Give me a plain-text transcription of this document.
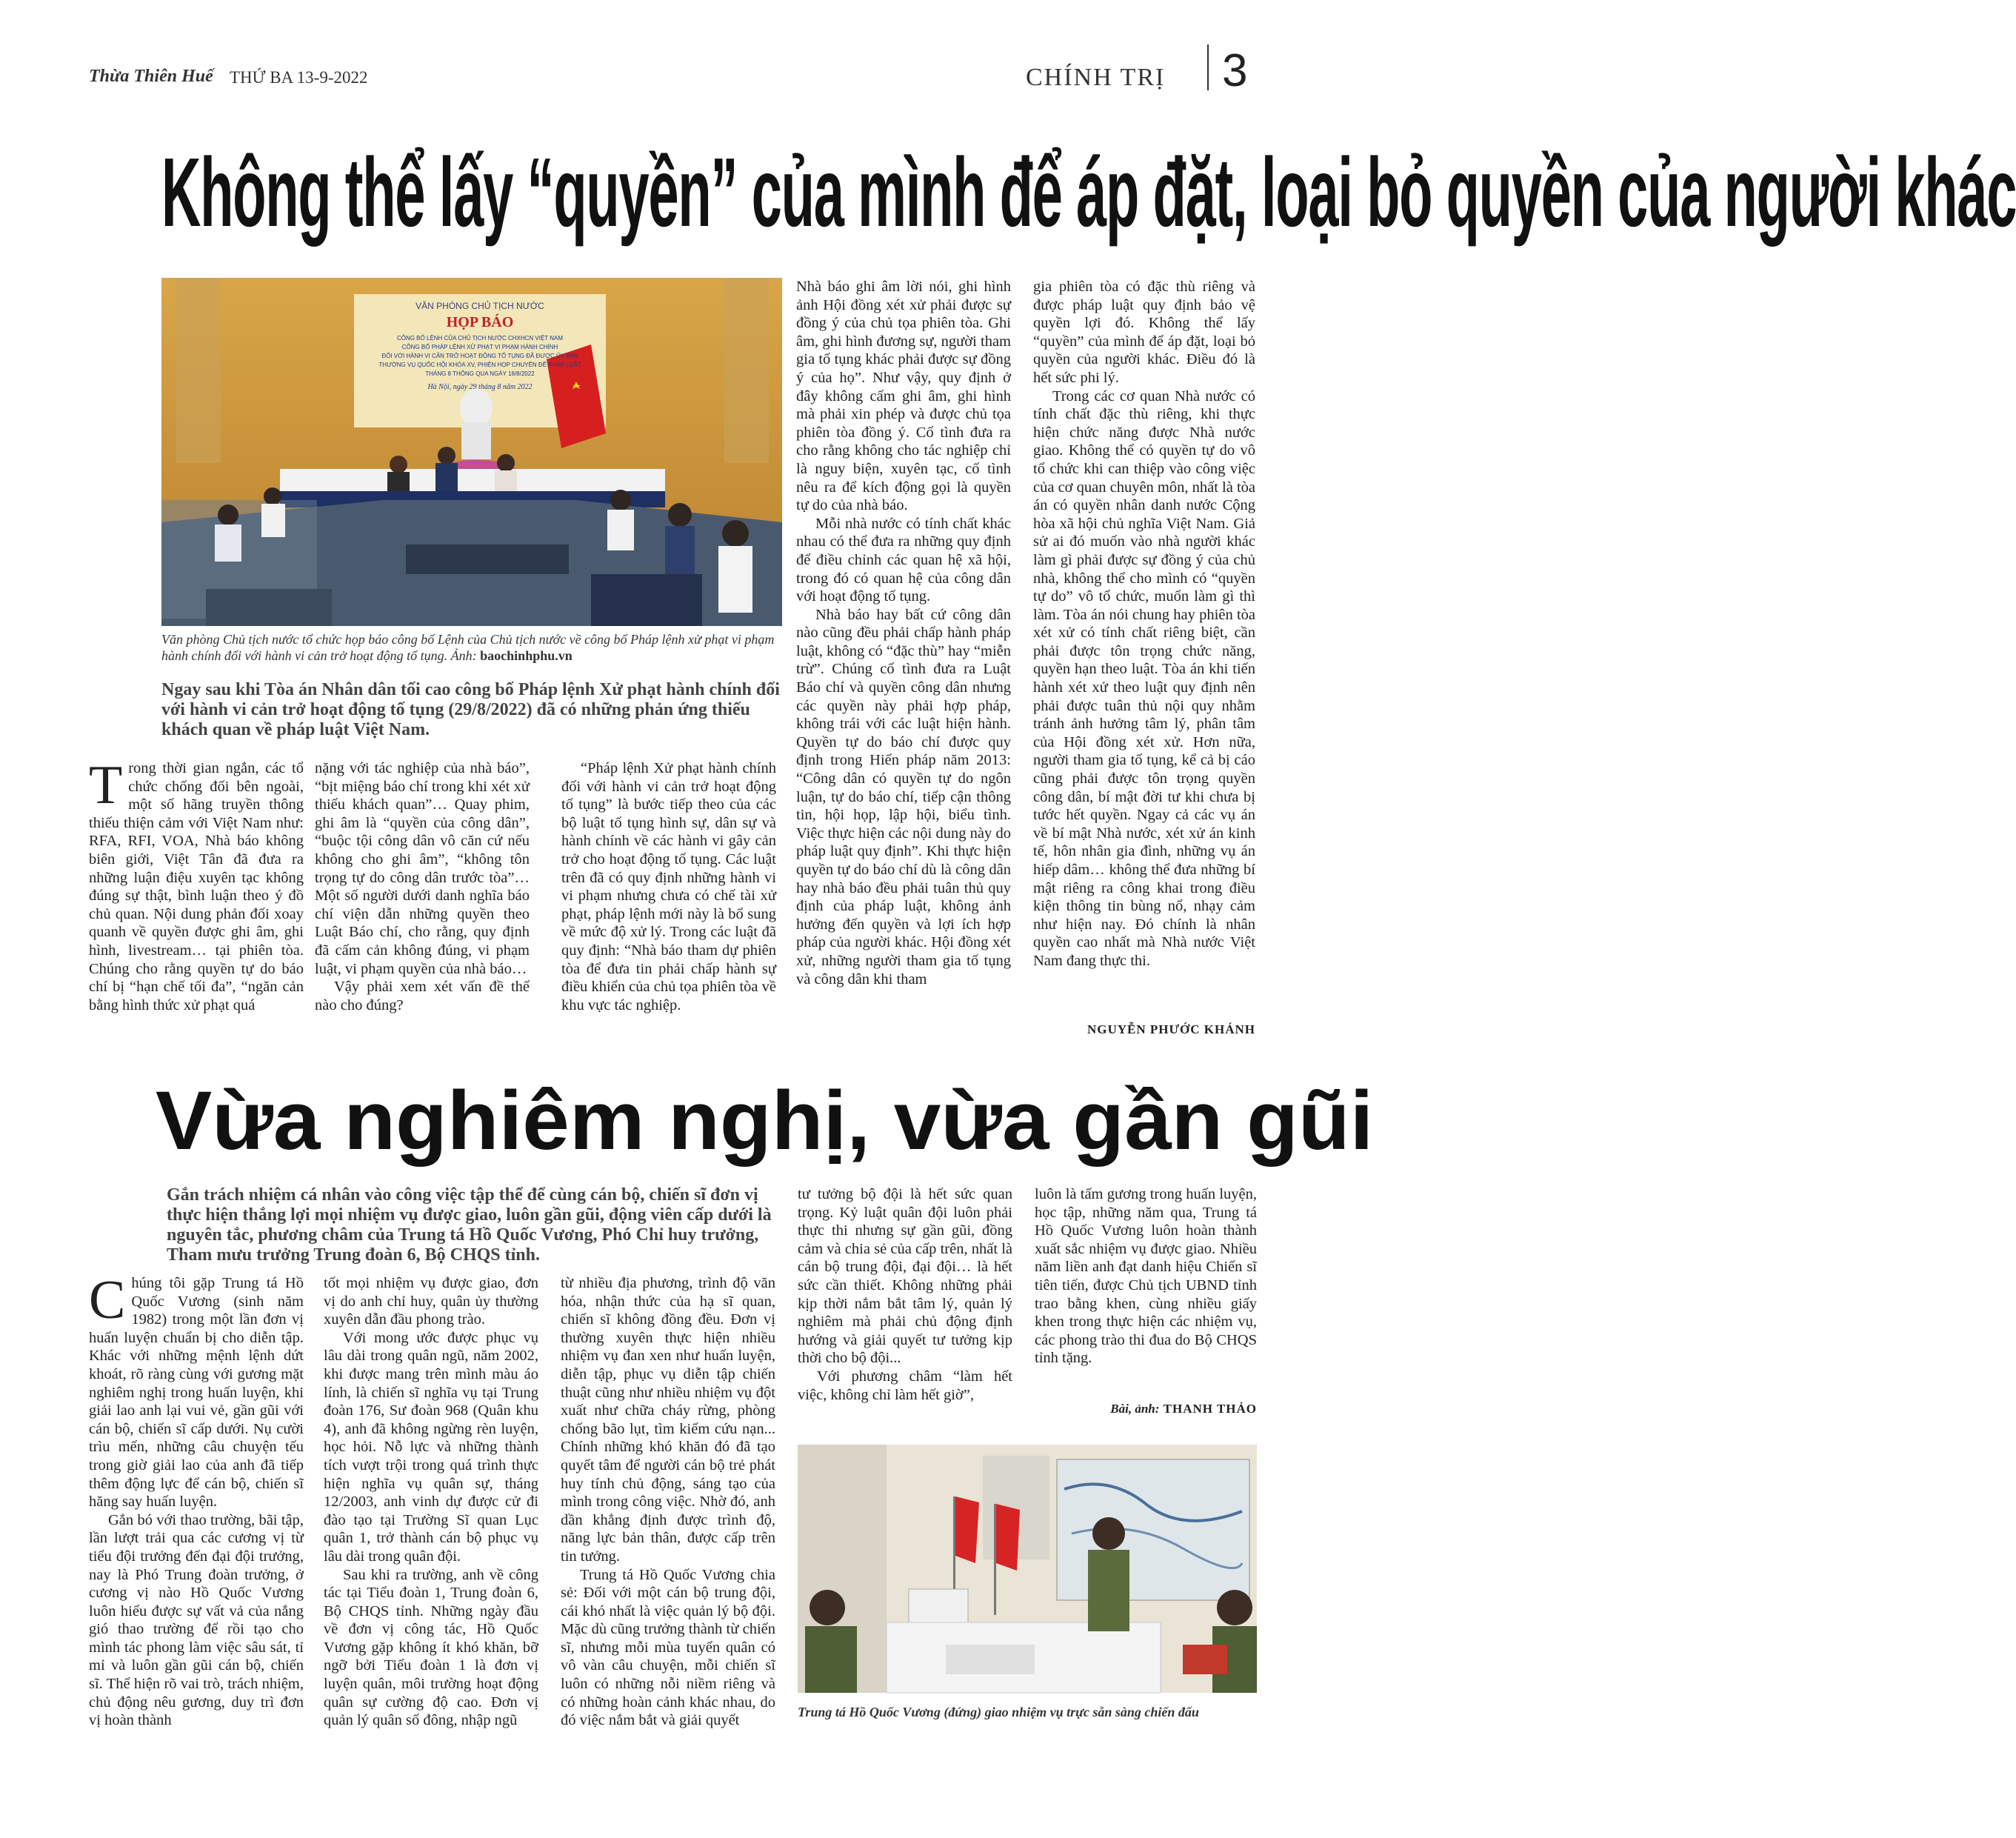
Thừa Thiên Huế THỨ BA 13-9-2022	CHÍNH TRỊ 3
Không thể lấy “quyền” của mình để áp đặt, loại bỏ quyền của người khác
VĂN PHÒNG CHỦ TỊCH NƯỚC
HỌP BÁO
CÔNG BỐ LỆNH CỦA CHỦ TỊCH NƯỚC CHXHCN VIỆT NAM
CÔNG BỐ PHÁP LỆNH XỬ PHẠT VI PHẠM HÀNH CHÍNH
ĐỐI VỚI HÀNH VI CẢN TRỞ HOẠT ĐỘNG TỐ TỤNG ĐÃ ĐƯỢC ỦY BAN
THƯỜNG VỤ QUỐC HỘI KHÓA XV, PHIÊN HỌP CHUYÊN ĐỀ PHÁP LUẬT
THÁNG 8 THÔNG QUA NGÀY 18/8/2022
Hà Nội, ngày 29 tháng 8 năm 2022
Văn phòng Chủ tịch nước tổ chức họp báo công bố Lệnh của Chủ tịch nước về công bố Pháp lệnh xử phạt vi phạm hành chính đối với hành vi cản trở hoạt động tố tụng. Ảnh: baochinhphu.vn
Ngay sau khi Tòa án Nhân dân tối cao công bố Pháp lệnh Xử phạt hành chính đối với hành vi cản trở hoạt động tố tụng (29/8/2022) đã có những phản ứng thiếu khách quan về pháp luật Việt Nam.

Trong thời gian ngắn, các tổ chức chống đối bên ngoài, một số hãng truyền thông thiếu thiện cảm với Việt Nam như: RFA, RFI, VOA, Nhà báo không biên giới, Việt Tân đã đưa ra những luận điệu xuyên tạc không đúng sự thật, bình luận theo ý đồ chủ quan. Nội dung phản đối xoay quanh về quyền được ghi âm, ghi hình, livestream… tại phiên tòa. Chúng cho rằng quyền tự do báo chí bị “hạn chế tối đa”, “ngăn cản bằng hình thức xử phạt quá

nặng với tác nghiệp của nhà báo”, “bịt miệng báo chí trong khi xét xử thiếu khách quan”… Quay phim, ghi âm là “quyền của công dân”, “buộc tội công dân vô căn cứ nếu không cho ghi âm”, “không tôn trọng tự do công dân trước tòa”… Một số người dưới danh nghĩa báo chí viện dẫn những quyền theo Luật Báo chí, cho rằng, quy định đã cấm cản không đúng, vi phạm luật, vi phạm quyền của nhà báo…

Vậy phải xem xét vấn đề thế nào cho đúng?

“Pháp lệnh Xử phạt hành chính đối với hành vi cản trở hoạt động tố tụng” là bước tiếp theo của các bộ luật tố tụng hình sự, dân sự và hành chính về các hành vi gây cản trở cho hoạt động tố tụng. Các luật trên đã có quy định những hành vi vi phạm nhưng chưa có chế tài xử phạt, pháp lệnh mới này là bổ sung về mức độ xử lý. Trong các luật đã quy định: “Nhà báo tham dự phiên tòa để đưa tin phải chấp hành sự điều khiển của chủ tọa phiên tòa về khu vực tác nghiệp.

Nhà báo ghi âm lời nói, ghi hình ảnh Hội đồng xét xử phải được sự đồng ý của chủ tọa phiên tòa. Ghi âm, ghi hình đương sự, người tham gia tố tụng khác phải được sự đồng ý của họ”. Như vậy, quy định ở đây không cấm ghi âm, ghi hình mà phải xin phép và được chủ tọa phiên tòa đồng ý. Cố tình đưa ra cho rằng không cho tác nghiệp chỉ là nguy biện, xuyên tạc, cố tình nêu ra để kích động gọi là quyền tự do của nhà báo.

Mỗi nhà nước có tính chất khác nhau có thể đưa ra những quy định để điều chỉnh các quan hệ xã hội, trong đó có quan hệ của công dân với hoạt động tố tụng.

Nhà báo hay bất cứ công dân nào cũng đều phải chấp hành pháp luật, không có “đặc thù” hay “miễn trừ”. Chúng cố tình đưa ra Luật Báo chí và quyền công dân nhưng các quyền này phải hợp pháp, không trái với các luật hiện hành. Quyền tự do báo chí được quy định trong Hiến pháp năm 2013: “Công dân có quyền tự do ngôn luận, tự do báo chí, tiếp cận thông tin, hội họp, lập hội, biểu tình. Việc thực hiện các nội dung này do pháp luật quy định”. Khi thực hiện quyền tự do báo chí dù là công dân hay nhà báo đều phải tuân thủ quy định của pháp luật, không ảnh hưởng đến quyền và lợi ích hợp pháp của người khác. Hội đồng xét xử, những người tham gia tố tụng và công dân khi tham

gia phiên tòa có đặc thù riêng và được pháp luật quy định bảo vệ quyền lợi đó. Không thể lấy “quyền” của mình để áp đặt, loại bỏ quyền của người khác. Điều đó là hết sức phi lý.

Trong các cơ quan Nhà nước có tính chất đặc thù riêng, khi thực hiện chức năng được Nhà nước giao. Không thể có quyền tự do vô tổ chức khi can thiệp vào công việc của cơ quan chuyên môn, nhất là tòa án có quyền nhân danh nước Cộng hòa xã hội chủ nghĩa Việt Nam. Giả sử ai đó muốn vào nhà người khác làm gì phải được sự đồng ý của chủ nhà, không thể cho mình có “quyền tự do” vô tổ chức, muốn làm gì thì làm. Tòa án nói chung hay phiên tòa xét xử có tính chất riêng biệt, cần phải được tôn trọng chức năng, quyền hạn theo luật. Tòa án khi tiến hành xét xử theo luật quy định nên phải được tuân thủ nội quy nhằm tránh ảnh hưởng tâm lý, phân tâm của Hội đồng xét xử. Hơn nữa, người tham gia tố tụng, kể cả bị cáo cũng phải được tôn trọng quyền công dân, bí mật đời tư khi chưa bị tước hết quyền. Ngay cả các vụ án về bí mật Nhà nước, xét xử án kinh tế, hôn nhân gia đình, những vụ án hiếp dâm… không thể đưa những bí mật riêng ra công khai trong điều kiện thông tin bùng nổ, nhạy cảm như hiện nay. Đó chính là nhân quyền cao nhất mà Nhà nước Việt Nam đang thực thi.

NGUYỄN PHƯỚC KHÁNH
Vừa nghiêm nghị, vừa gần gũi
Gắn trách nhiệm cá nhân vào công việc tập thể để cùng cán bộ, chiến sĩ đơn vị thực hiện thắng lợi mọi nhiệm vụ được giao, luôn gần gũi, động viên cấp dưới là nguyên tắc, phương châm của Trung tá Hồ Quốc Vương, Phó Chỉ huy trưởng, Tham mưu trưởng Trung đoàn 6, Bộ CHQS tỉnh.

Chúng tôi gặp Trung tá Hồ Quốc Vương (sinh năm 1982) trong một lần đơn vị huấn luyện chuẩn bị cho diễn tập. Khác với những mệnh lệnh dứt khoát, rõ ràng cùng với gương mặt nghiêm nghị trong huấn luyện, khi giải lao anh lại vui vẻ, gần gũi với cán bộ, chiến sĩ cấp dưới. Nụ cười trìu mến, những câu chuyện tếu trong giờ giải lao của anh đã tiếp thêm động lực để cán bộ, chiến sĩ hăng say huấn luyện.

Gắn bó với thao trường, bãi tập, lần lượt trải qua các cương vị từ tiểu đội trưởng đến đại đội trưởng, nay là Phó Trung đoàn trưởng, ở cương vị nào Hồ Quốc Vương luôn hiểu được sự vất vả của nắng gió thao trường để rồi tạo cho mình tác phong làm việc sâu sát, tỉ mỉ và luôn gần gũi cán bộ, chiến sĩ. Thể hiện rõ vai trò, trách nhiệm, chủ động nêu gương, duy trì đơn vị hoàn thành

tốt mọi nhiệm vụ được giao, đơn vị do anh chỉ huy, quân ủy thường xuyên dẫn đầu phong trào.

Với mong ước được phục vụ lâu dài trong quân ngũ, năm 2002, khi được mang trên mình màu áo lính, là chiến sĩ nghĩa vụ tại Trung đoàn 176, Sư đoàn 968 (Quân khu 4), anh đã không ngừng rèn luyện, học hỏi. Nỗ lực và những thành tích vượt trội trong quá trình thực hiện nghĩa vụ quân sự, tháng 12/2003, anh vinh dự được cử đi đào tạo tại Trường Sĩ quan Lục quân 1, trở thành cán bộ phục vụ lâu dài trong quân đội.

Sau khi ra trường, anh về công tác tại Tiểu đoàn 1, Trung đoàn 6, Bộ CHQS tỉnh. Những ngày đầu về đơn vị công tác, Hồ Quốc Vương gặp không ít khó khăn, bỡ ngỡ bởi Tiểu đoàn 1 là đơn vị luyện quân, môi trường hoạt động quân sự cường độ cao. Đơn vị quản lý quân số đông, nhập ngũ

từ nhiều địa phương, trình độ văn hóa, nhận thức của hạ sĩ quan, chiến sĩ không đồng đều. Đơn vị thường xuyên thực hiện nhiều nhiệm vụ đan xen như huấn luyện, diễn tập, phục vụ diễn tập chiến thuật cũng như nhiều nhiệm vụ đột xuất như chữa cháy rừng, phòng chống bão lụt, tìm kiếm cứu nạn... Chính những khó khăn đó đã tạo quyết tâm để người cán bộ trẻ phát huy tính chủ động, sáng tạo của mình trong công việc. Nhờ đó, anh dần khẳng định được trình độ, năng lực bản thân, được cấp trên tin tưởng.

Trung tá Hồ Quốc Vương chia sẻ: Đối với một cán bộ trung đội, cái khó nhất là việc quản lý bộ đội. Mặc dù cũng trưởng thành từ chiến sĩ, nhưng mỗi mùa tuyển quân có vô vàn câu chuyện, mỗi chiến sĩ luôn có những nỗi niềm riêng và có những hoàn cảnh khác nhau, do đó việc nắm bắt và giải quyết

tư tưởng bộ đội là hết sức quan trọng. Kỷ luật quân đội luôn phải thực thi nhưng sự gần gũi, đồng cảm và chia sẻ của cấp trên, nhất là cán bộ trung đội, đại đội… là hết sức cần thiết. Không những phải kịp thời nắm bắt tâm lý, quản lý nghiêm mà phải chủ động định hướng và giải quyết tư tưởng kịp thời cho bộ đội...

Với phương châm “làm hết việc, không chỉ làm hết giờ”,

luôn là tấm gương trong huấn luyện, học tập, những năm qua, Trung tá Hồ Quốc Vương luôn hoàn thành xuất sắc nhiệm vụ được giao. Nhiều năm liền anh đạt danh hiệu Chiến sĩ tiên tiến, được Chủ tịch UBND tỉnh trao bằng khen, cùng nhiều giấy khen trong thực hiện các nhiệm vụ, các phong trào thi đua do Bộ CHQS tỉnh tặng.

Bài, ảnh: THANH THẢO
Trung tá Hồ Quốc Vương (đứng) giao nhiệm vụ trực sẵn sàng chiến đấu
